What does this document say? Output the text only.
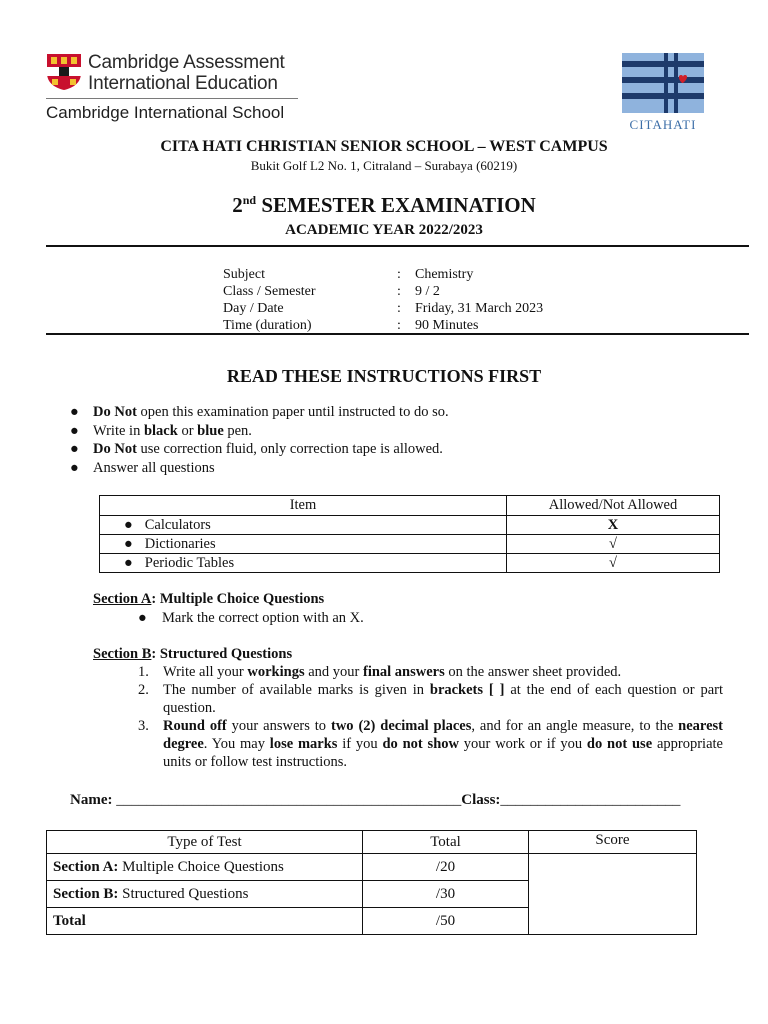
Cambridge Assessment
International Education
Cambridge International School
CITAHATI
CITA HATI CHRISTIAN SENIOR SCHOOL – WEST CAMPUS
Bukit Golf L2 No. 1, Citraland – Surabaya (60219)
2nd SEMESTER EXAMINATION
ACADEMIC YEAR 2022/2023
Subject	:	Chemistry
Class / Semester	:	9 / 2
Day / Date	:	Friday, 31 March 2023
Time (duration)	:	90 Minutes
READ THESE INSTRUCTIONS FIRST
● Do Not open this examination paper until instructed to do so.
● Write in black or blue pen.
● Do Not use correction fluid, only correction tape is allowed.
● Answer all questions
Item	Allowed/Not Allowed
● Calculators	X
● Dictionaries	√
● Periodic Tables	√
Section A: Multiple Choice Questions
● Mark the correct option with an X.
Section B: Structured Questions
1. Write all your workings and your final answers on the answer sheet provided.
2. The number of available marks is given in brackets [ ] at the end of each question or part question.
3. Round off your answers to two (2) decimal places, and for an angle measure, to the nearest degree. You may lose marks if you do not show your work or if you do not use appropriate units or follow test instructions.
Name: ______________________________________________Class:________________________
Type of Test	Total	Score
Section A: Multiple Choice Questions	/20	
Section B: Structured Questions	/30	
Total	/50	
